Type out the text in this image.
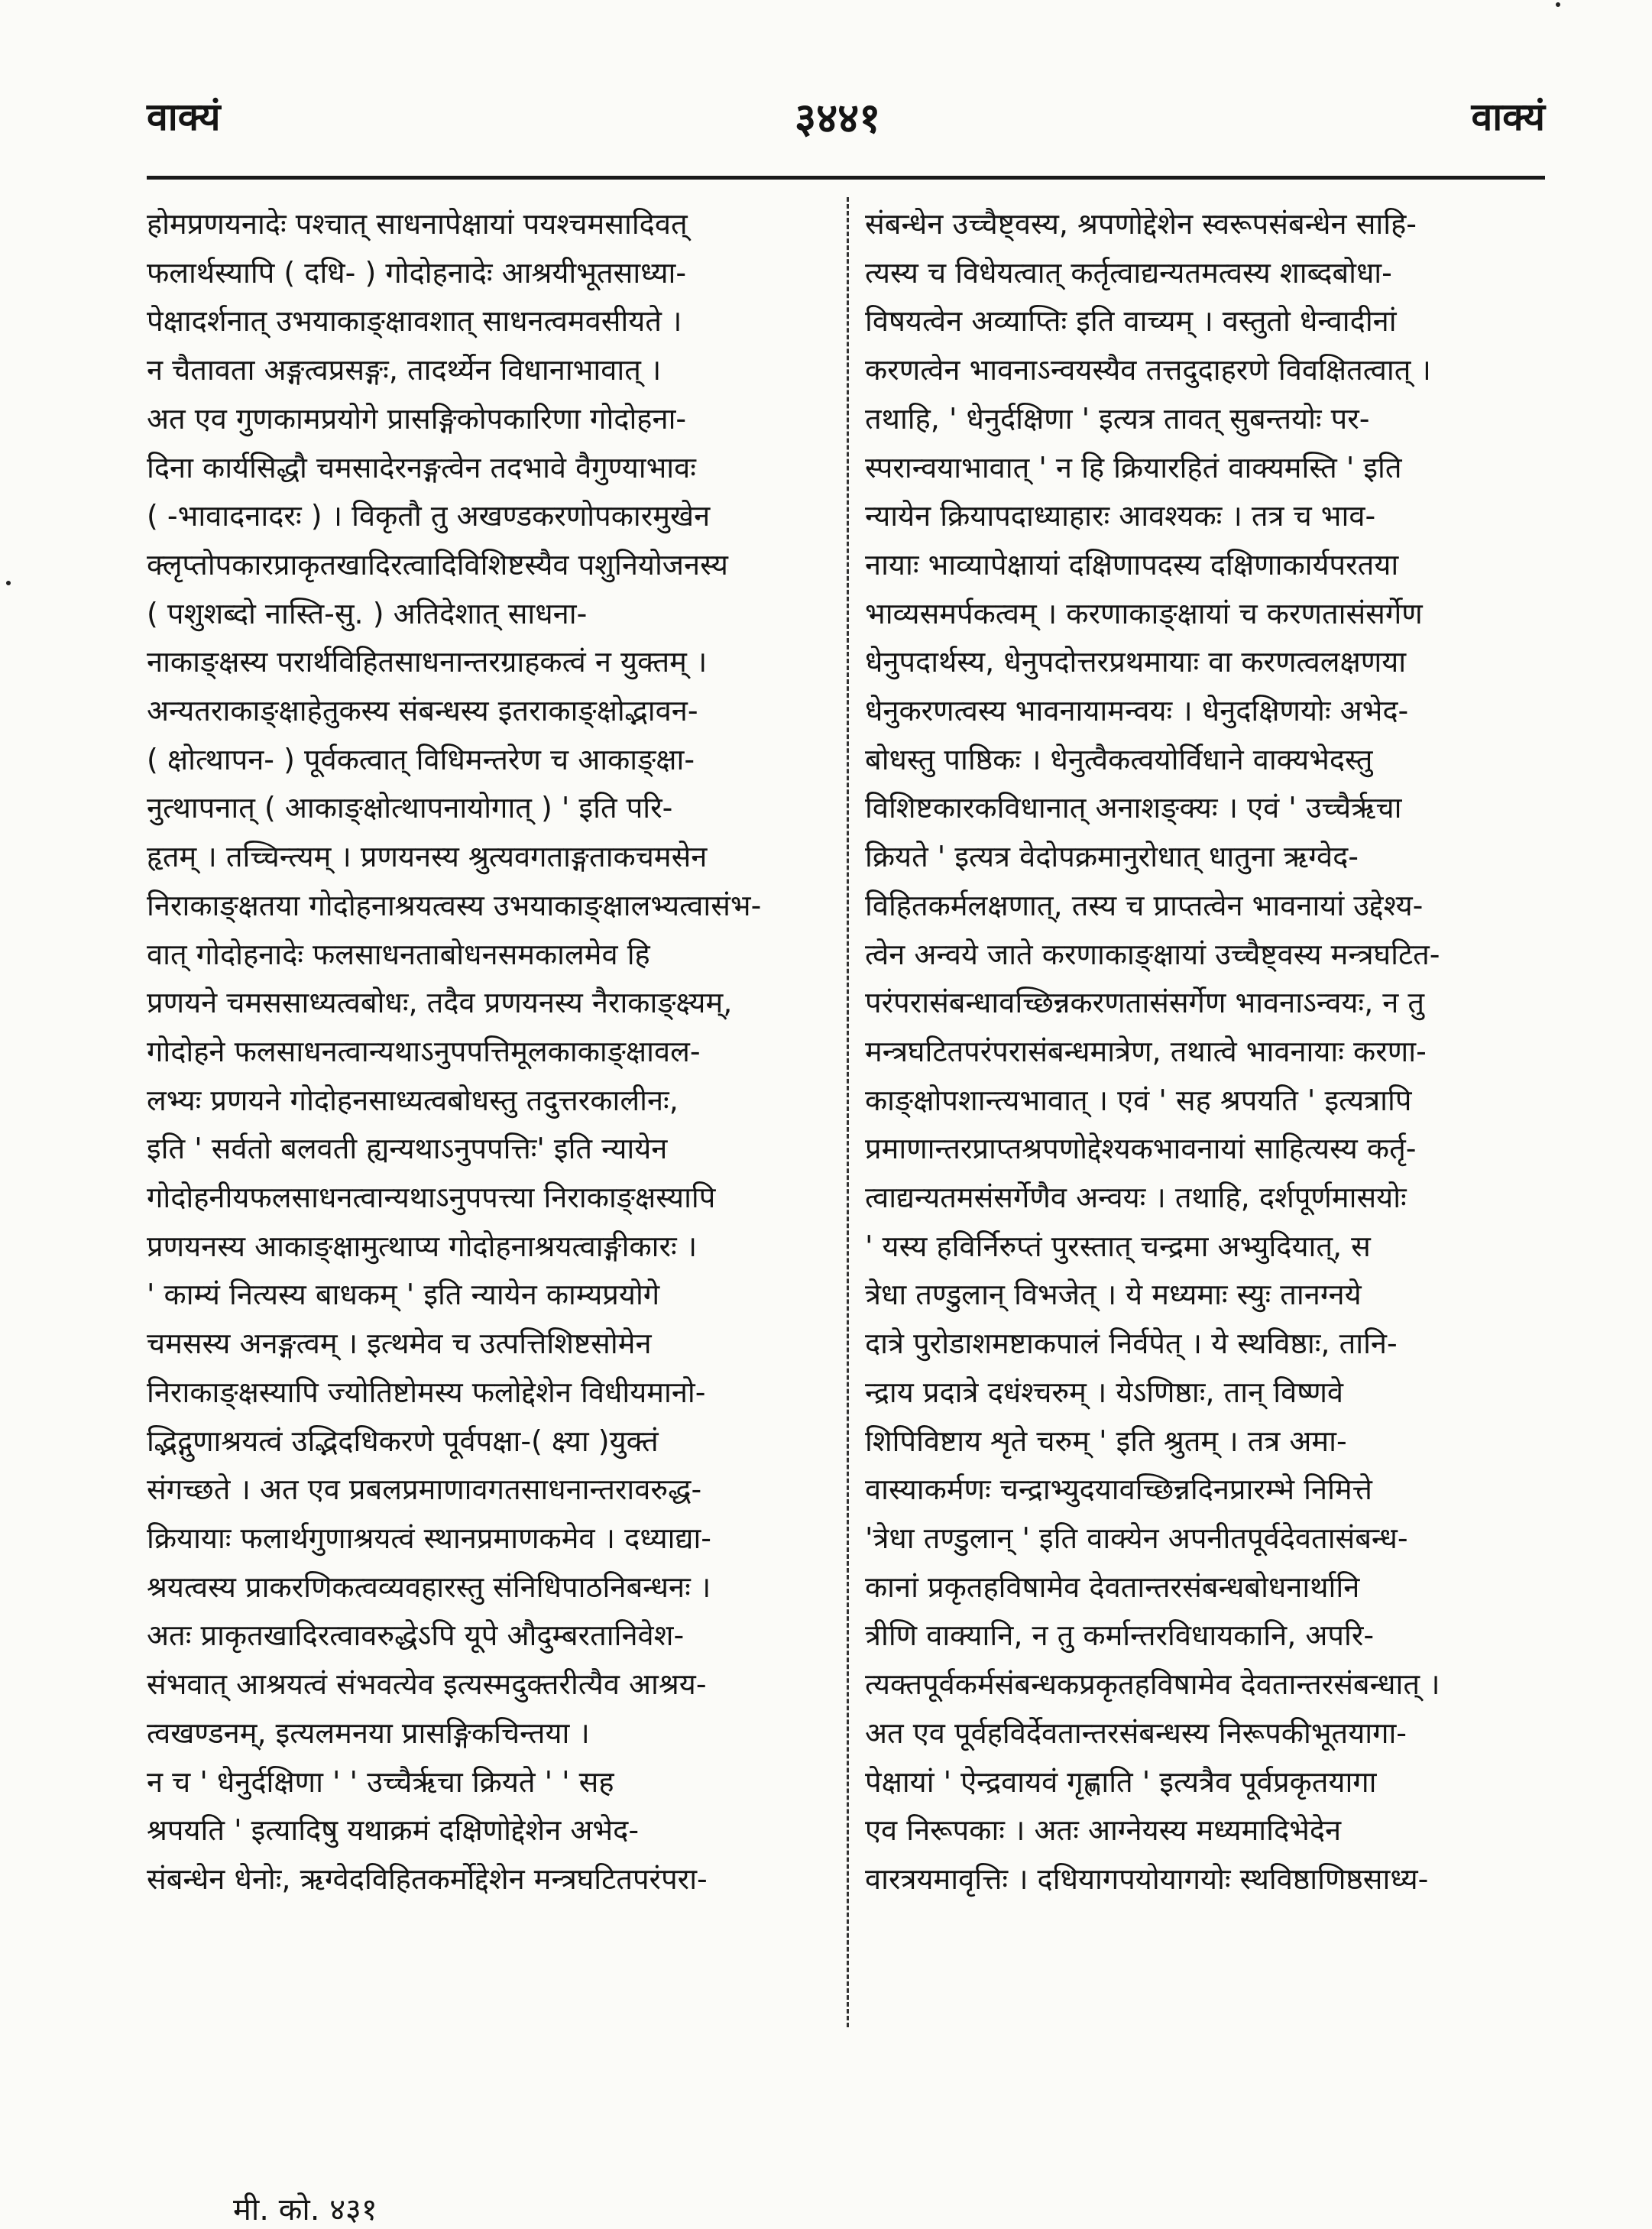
वाक्यं	३४४१	वाक्यं
होमप्रणयनादेः पश्चात् साधनापेक्षायां पयश्चमसादिवत्
फलार्थस्यापि ( दधि- ) गोदोहनादेः आश्रयीभूतसाध्या-
पेक्षादर्शनात् उभयाकाङ्क्षावशात् साधनत्वमवसीयते ।
न चैतावता अङ्गत्वप्रसङ्गः, तादर्थ्येन विधानाभावात् ।
अत एव गुणकामप्रयोगे प्रासङ्गिकोपकारिणा गोदोहना-
दिना कार्यसिद्धौ चमसादेरनङ्गत्वेन तदभावे वैगुण्याभावः
( -भावादनादरः ) । विकृतौ तु अखण्डकरणोपकारमुखेन
क्लृप्तोपकारप्राकृतखादिरत्वादिविशिष्टस्यैव पशुनियोजनस्य
( पशुशब्दो नास्ति-सु. ) अतिदेशात् साधना-
नाकाङ्क्षस्य परार्थविहितसाधनान्तरग्राहकत्वं न युक्तम् ।
अन्यतराकाङ्क्षाहेतुकस्य संबन्धस्य इतराकाङ्क्षोद्भावन-
( क्षोत्थापन- ) पूर्वकत्वात् विधिमन्तरेण च आकाङ्क्षा-
नुत्थापनात् ( आकाङ्क्षोत्थापनायोगात् ) ' इति परि-
हृतम् । तच्चिन्त्यम् । प्रणयनस्य श्रुत्यवगताङ्गताकचमसेन
निराकाङ्क्षतया गोदोहनाश्रयत्वस्य उभयाकाङ्क्षालभ्यत्वासंभ-
वात् गोदोहनादेः फलसाधनताबोधनसमकालमेव हि
प्रणयने चमससाध्यत्वबोधः, तदैव प्रणयनस्य नैराकाङ्क्ष्यम्,
गोदोहने फलसाधनत्वान्यथाऽनुपपत्तिमूलकाकाङ्क्षावल-
लभ्यः प्रणयने गोदोहनसाध्यत्वबोधस्तु तदुत्तरकालीनः,
इति ' सर्वतो बलवती ह्यन्यथाऽनुपपत्तिः' इति न्यायेन
गोदोहनीयफलसाधनत्वान्यथाऽनुपपत्त्या निराकाङ्क्षस्यापि
प्रणयनस्य आकाङ्क्षामुत्थाप्य गोदोहनाश्रयत्वाङ्गीकारः ।
' काम्यं नित्यस्य बाधकम् ' इति न्यायेन काम्यप्रयोगे
चमसस्य अनङ्गत्वम् । इत्थमेव च उत्पत्तिशिष्टसोमेन
निराकाङ्क्षस्यापि ज्योतिष्टोमस्य फलोद्देशेन विधीयमानो-
द्भिद्गुणाश्रयत्वं उद्भिदधिकरणे पूर्वपक्षा-( क्ष्या )युक्तं
संगच्छते । अत एव प्रबलप्रमाणावगतसाधनान्तरावरुद्ध-
क्रियायाः फलार्थगुणाश्रयत्वं स्थानप्रमाणकमेव । दध्याद्या-
श्रयत्वस्य प्राकरणिकत्वव्यवहारस्तु संनिधिपाठनिबन्धनः ।
अतः प्राकृतखादिरत्वावरुद्धेऽपि यूपे औदुम्बरतानिवेश-
संभवात् आश्रयत्वं संभवत्येव इत्यस्मदुक्तरीत्यैव आश्रय-
त्वखण्डनम्, इत्यलमनया प्रासङ्गिकचिन्तया ।
न च ' धेनुर्दक्षिणा ' ' उच्चैर्ऋचा क्रियते ' ' सह
श्रपयति ' इत्यादिषु यथाक्रमं दक्षिणोद्देशेन अभेद-
संबन्धेन धेनोः, ऋग्वेदविहितकर्मोद्देशेन मन्त्रघटितपरंपरा-
संबन्धेन उच्चैष्ट्वस्य, श्रपणोद्देशेन स्वरूपसंबन्धेन साहि-
त्यस्य च विधेयत्वात् कर्तृत्वाद्यन्यतमत्वस्य शाब्दबोधा-
विषयत्वेन अव्याप्तिः इति वाच्यम् । वस्तुतो धेन्वादीनां
करणत्वेन भावनाऽन्वयस्यैव तत्तदुदाहरणे विवक्षितत्वात् ।
तथाहि, ' धेनुर्दक्षिणा ' इत्यत्र तावत् सुबन्तयोः पर-
स्परान्वयाभावात् ' न हि क्रियारहितं वाक्यमस्ति ' इति
न्यायेन क्रियापदाध्याहारः आवश्यकः । तत्र च भाव-
नायाः भाव्यापेक्षायां दक्षिणापदस्य दक्षिणाकार्यपरतया
भाव्यसमर्पकत्वम् । करणाकाङ्क्षायां च करणतासंसर्गेण
धेनुपदार्थस्य, धेनुपदोत्तरप्रथमायाः वा करणत्वलक्षणया
धेनुकरणत्वस्य भावनायामन्वयः । धेनुदक्षिणयोः अभेद-
बोधस्तु पाष्ठिकः । धेनुत्वैकत्वयोर्विधाने वाक्यभेदस्तु
विशिष्टकारकविधानात् अनाशङ्क्यः । एवं ' उच्चैर्ऋचा
क्रियते ' इत्यत्र वेदोपक्रमानुरोधात् धातुना ऋग्वेद-
विहितकर्मलक्षणात्, तस्य च प्राप्तत्वेन भावनायां उद्देश्य-
त्वेन अन्वये जाते करणाकाङ्क्षायां उच्चैष्ट्वस्य मन्त्रघटित-
परंपरासंबन्धावच्छिन्नकरणतासंसर्गेण भावनाऽन्वयः, न तु
मन्त्रघटितपरंपरासंबन्धमात्रेण, तथात्वे भावनायाः करणा-
काङ्क्षोपशान्त्यभावात् । एवं ' सह श्रपयति ' इत्यत्रापि
प्रमाणान्तरप्राप्तश्रपणोद्देश्यकभावनायां साहित्यस्य कर्तृ-
त्वाद्यन्यतमसंसर्गेणैव अन्वयः । तथाहि, दर्शपूर्णमासयोः
' यस्य हविर्निरुप्तं पुरस्तात् चन्द्रमा अभ्युदियात्, स
त्रेधा तण्डुलान् विभजेत् । ये मध्यमाः स्युः तानग्नये
दात्रे पुरोडाशमष्टाकपालं निर्वपेत् । ये स्थविष्ठाः, तानि-
न्द्राय प्रदात्रे दधंश्चरुम् । येऽणिष्ठाः, तान् विष्णवे
शिपिविष्टाय शृते चरुम् ' इति श्रुतम् । तत्र अमा-
वास्याकर्मणः चन्द्राभ्युदयावच्छिन्नदिनप्रारम्भे निमित्ते
'त्रेधा तण्डुलान् ' इति वाक्येन अपनीतपूर्वदेवतासंबन्ध-
कानां प्रकृतहविषामेव देवतान्तरसंबन्धबोधनार्थानि
त्रीणि वाक्यानि, न तु कर्मान्तरविधायकानि, अपरि-
त्यक्तपूर्वकर्मसंबन्धकप्रकृतहविषामेव देवतान्तरसंबन्धात् ।
अत एव पूर्वहविर्देवतान्तरसंबन्धस्य निरूपकीभूतयागा-
पेक्षायां ' ऐन्द्रवायवं गृह्णाति ' इत्यत्रैव पूर्वप्रकृतयागा
एव निरूपकाः । अतः आग्नेयस्य मध्यमादिभेदेन
वारत्रयमावृत्तिः । दधियागपयोयागयोः स्थविष्ठाणिष्ठसाध्य-
मी. को. ४३१
